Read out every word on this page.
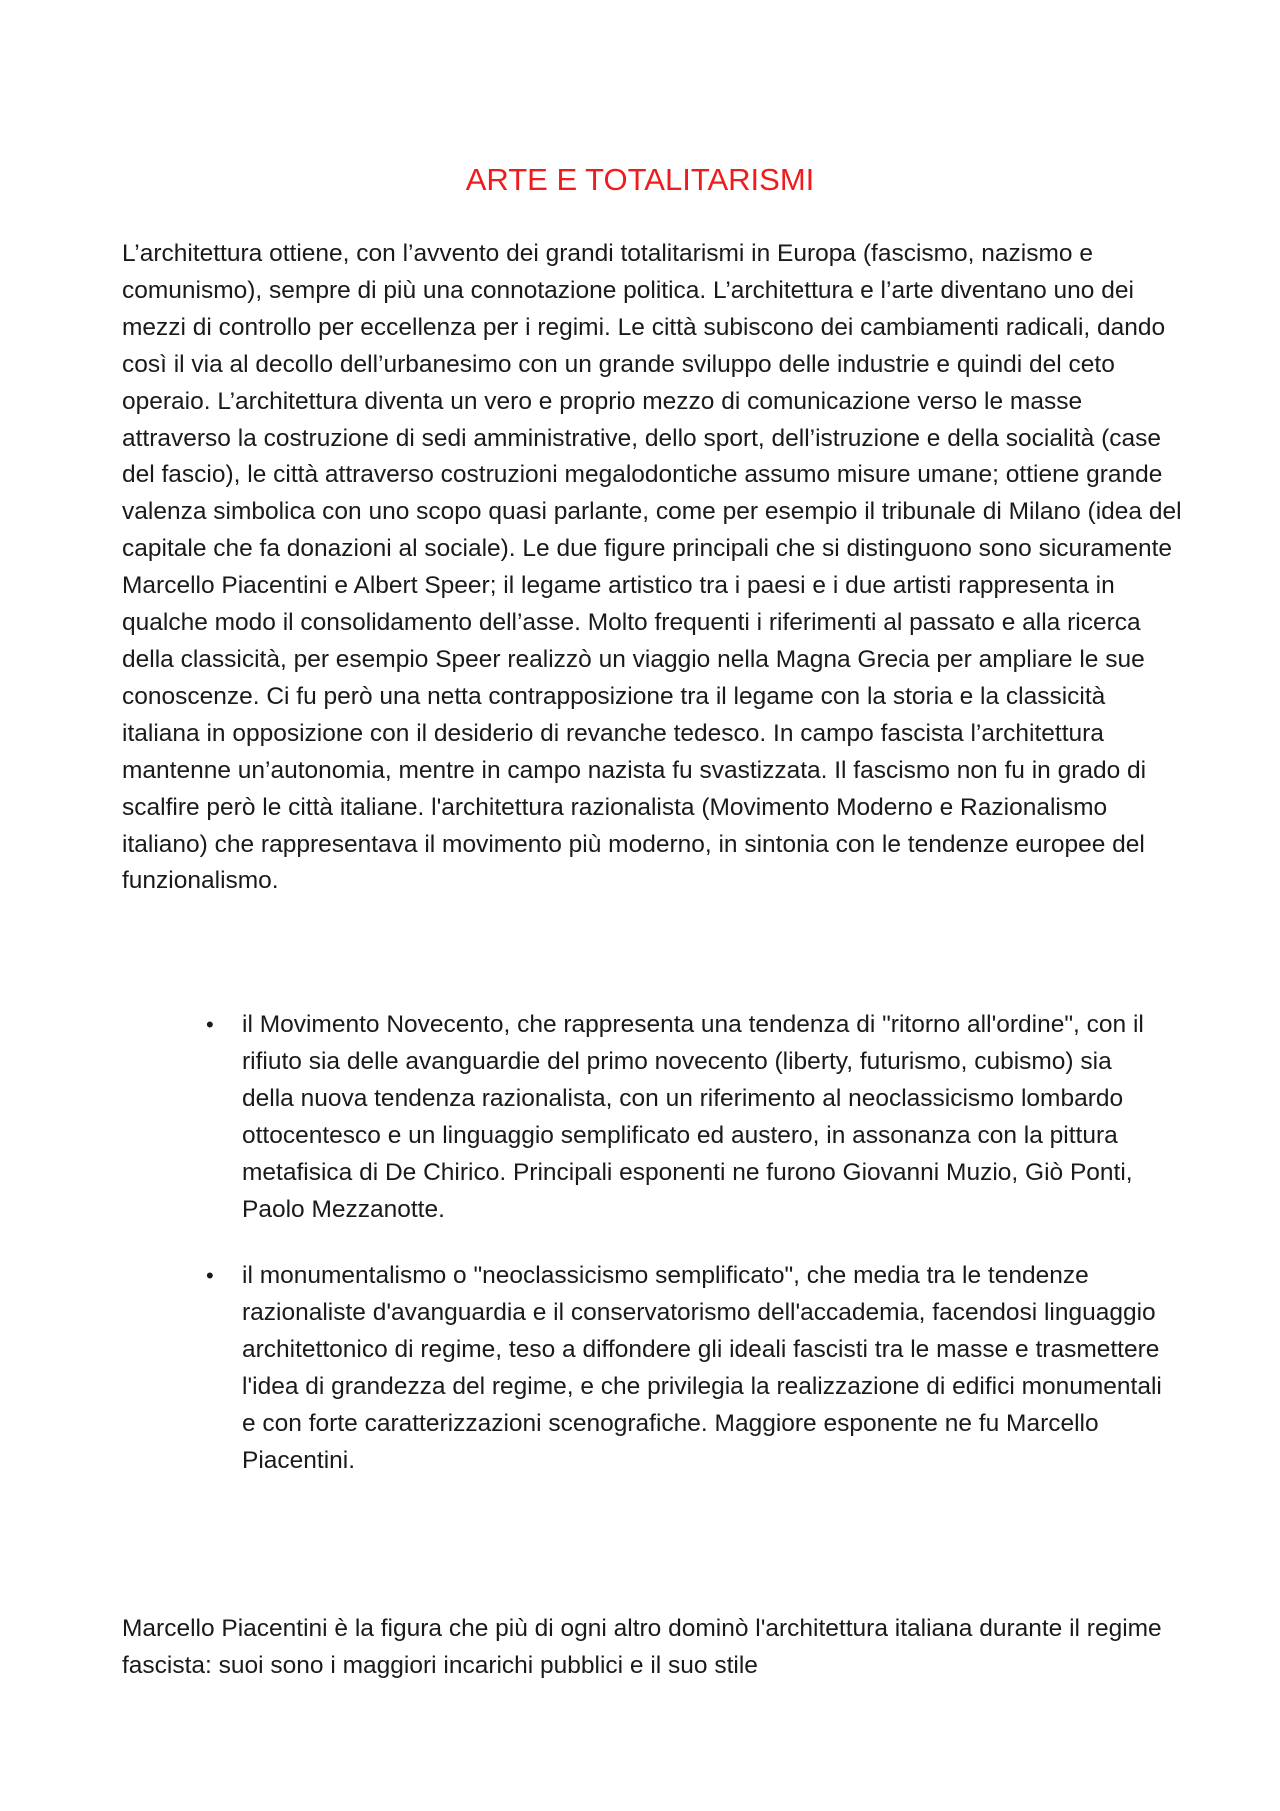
ARTE E TOTALITARISMI

L’architettura ottiene, con l’avvento dei grandi totalitarismi in Europa (fascismo, nazismo e comunismo), sempre di più una connotazione politica. L’architettura e l’arte diventano uno dei mezzi di controllo per eccellenza per i regimi. Le città subiscono dei cambiamenti radicali, dando così il via al decollo dell’urbanesimo con un grande sviluppo delle industrie e quindi del ceto operaio. L’architettura diventa un vero e proprio mezzo di comunicazione verso le masse attraverso la costruzione di sedi amministrative, dello sport, dell’istruzione e della socialità (case del fascio), le città attraverso costruzioni megalodontiche assumo misure umane; ottiene grande valenza simbolica con uno scopo quasi parlante, come per esempio il tribunale di Milano (idea del capitale che fa donazioni al sociale). Le due figure principali che si distinguono sono sicuramente Marcello Piacentini e Albert Speer; il legame artistico tra i paesi e i due artisti rappresenta in qualche modo il consolidamento dell’asse. Molto frequenti i riferimenti al passato e alla ricerca della classicità, per esempio Speer realizzò un viaggio nella Magna Grecia per ampliare le sue conoscenze. Ci fu però una netta contrapposizione tra il legame con la storia e la classicità italiana in opposizione con il desiderio di revanche tedesco. In campo fascista l’architettura mantenne un’autonomia, mentre in campo nazista fu svastizzata. Il fascismo non fu in grado di scalfire però le città italiane. l'architettura razionalista (Movimento Moderno e Razionalismo italiano) che rappresentava il movimento più moderno, in sintonia con le tendenze europee del funzionalismo.

•	il Movimento Novecento, che rappresenta una tendenza di "ritorno all'ordine", con il rifiuto sia delle avanguardie del primo novecento (liberty, futurismo, cubismo) sia della nuova tendenza razionalista, con un riferimento al neoclassicismo lombardo ottocentesco e un linguaggio semplificato ed austero, in assonanza con la pittura metafisica di De Chirico. Principali esponenti ne furono Giovanni Muzio, Giò Ponti, Paolo Mezzanotte.
•	il monumentalismo o "neoclassicismo semplificato", che media tra le tendenze razionaliste d'avanguardia e il conservatorismo dell'accademia, facendosi linguaggio architettonico di regime, teso a diffondere gli ideali fascisti tra le masse e trasmettere l'idea di grandezza del regime, e che privilegia la realizzazione di edifici monumentali e con forte caratterizzazioni scenografiche. Maggiore esponente ne fu Marcello Piacentini.

Marcello Piacentini è la figura che più di ogni altro dominò l'architettura italiana durante il regime fascista: suoi sono i maggiori incarichi pubblici e il suo stile
